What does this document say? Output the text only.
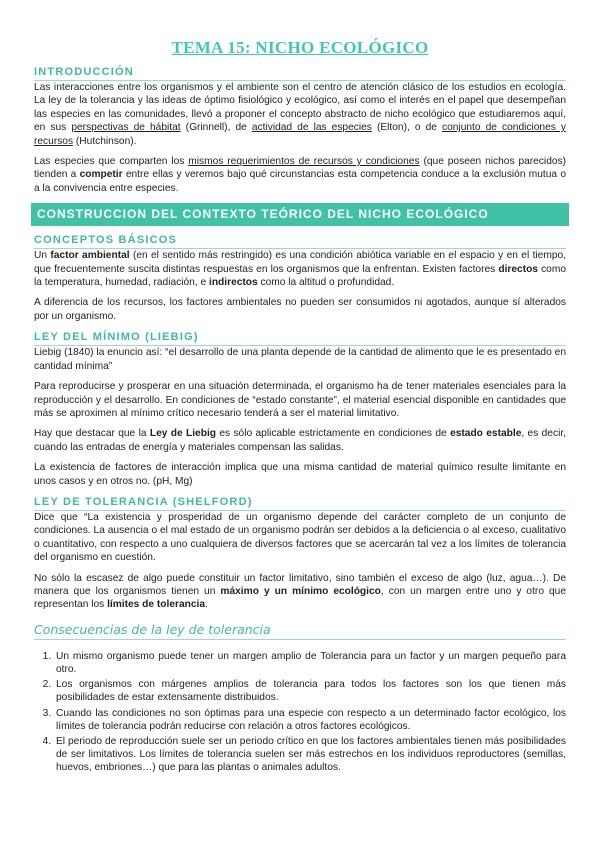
TEMA 15: NICHO ECOLÓGICO
INTRODUCCIÓN

Las interacciones entre los organismos y el ambiente son el centro de atención clásico de los estudios en ecología. La ley de la tolerancia y las ideas de óptimo fisiológico y ecológico, así como el interés en el papel que desempeñan las especies en las comunidades, llevó a proponer el concepto abstracto de nicho ecológico que estudiaremos aquí, en sus perspectivas de hábitat (Grinnell), de actividad de las especies (Elton), o de conjunto de condiciones y recursos (Hutchinson).

Las especies que comparten los mismos requerimientos de recursos y condiciones (que poseen nichos parecidos) tienden a competir entre ellas y veremos bajo qué circunstancias esta competencia conduce a la exclusión mutua o a la convivencia entre especies.

CONSTRUCCION DEL CONTEXTO TEÓRICO DEL NICHO ECOLÓGICO
CONCEPTOS BÁSICOS

Un factor ambiental (en el sentido más restringido) es una condición abiótica variable en el espacio y en el tiempo, que frecuentemente suscita distintas respuestas en los organismos que la enfrentan. Existen factores directos como la temperatura, humedad, radiación, e indirectos como la altitud o profundidad.

A diferencia de los recursos, los factores ambientales no pueden ser consumidos ni agotados, aunque sí alterados por un organismo.

LEY DEL MÍNIMO (LIEBIG)

Liebig (1840) la enuncio así: “el desarrollo de una planta depende de la cantidad de alimento que le es presentado en cantidad mínima”

Para reproducirse y prosperar en una situación determinada, el organismo ha de tener materiales esenciales para la reproducción y el desarrollo. En condiciones de “estado constante”, el material esencial disponible en cantidades que más se aproximen al mínimo crítico necesario tenderá a ser el material limitativo.

Hay que destacar que la Ley de Liebig es sólo aplicable estrictamente en condiciones de estado estable, es decir, cuando las entradas de energía y materiales compensan las salidas.

La existencia de factores de interacción implica que una misma cantidad de material químico resulte limitante en unos casos y en otros no. (pH, Mg)

LEY DE TOLERANCIA (SHELFORD)

Dice que “La existencia y prosperidad de un organismo depende del carácter completo de un conjunto de condiciones. La ausencia o el mal estado de un organismo podrán ser debidos a la deficiencia o al exceso, cualitativo o cuantitativo, con respecto a uno cualquiera de diversos factores que se acercarán tal vez a los límites de tolerancia del organismo en cuestión.

No sólo la escasez de algo puede constituir un factor limitativo, sino también el exceso de algo (luz, agua…). De manera que los organismos tienen un máximo y un mínimo ecológico, con un margen entre uno y otro que representan los límites de tolerancia.

Consecuencias de la ley de tolerancia
1. Un mismo organismo puede tener un margen amplio de Tolerancia para un factor y un margen pequeño para otro.
2. Los organismos con márgenes amplios de tolerancia para todos los factores son los que tienen más posibilidades de estar extensamente distribuidos.
3. Cuando las condiciones no son óptimas para una especie con respecto a un determinado factor ecológico, los límites de tolerancia podrán reducirse con relación a otros factores ecológicos.
4. El periodo de reproducción suele ser un periodo crítico en que los factores ambientales tienen más posibilidades de ser limitativos. Los límites de tolerancia suelen ser más estrechos en los individuos reproductores (semillas, huevos, embriones…) que para las plantas o animales adultos.
